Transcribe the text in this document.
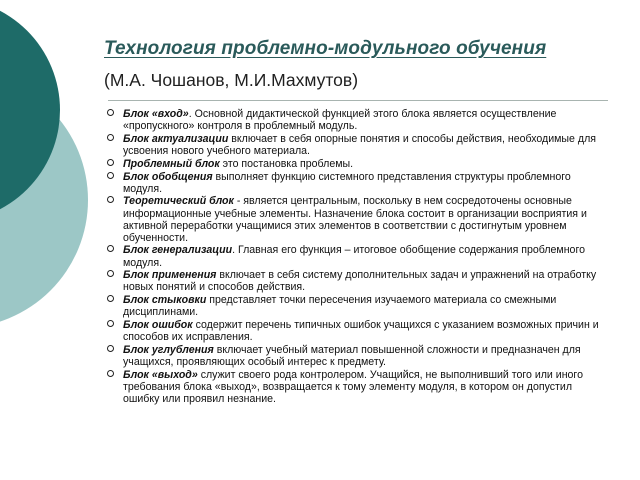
Технология проблемно-модульного обучения
(М.А. Чошанов, М.И.Махмутов)
Блок «вход». Основной дидактической функцией этого блока является осуществление «пропускного» контроля в проблемный модуль.
Блок актуализации включает в себя опорные понятия и способы действия, необходимые для усвоения нового учебного материала.
Проблемный блок это постановка проблемы.
Блок обобщения выполняет функцию системного представления структуры проблемного модуля.
Теоретический блок - является центральным, поскольку в нем сосредоточены основные информационные учебные элементы. Назначение блока состоит в организации восприятия и активной переработки учащимися этих элементов в соответствии с достигнутым уровнем обученности.
Блок генерализации. Главная его функция – итоговое обобщение содержания проблемного модуля.
Блок применения включает в себя систему дополнительных задач и упражнений на отработку новых понятий и способов действия.
Блок стыковки представляет точки пересечения изучаемого материала со смежными дисциплинами.
Блок ошибок содержит перечень типичных ошибок учащихся с указанием возможных причин и способов их исправления.
Блок углубления включает учебный материал повышенной сложности и предназначен для учащихся, проявляющих особый интерес к предмету.
Блок «выход» служит своего рода контролером. Учащийся, не выполнивший того или иного требования блока «выход», возвращается к тому элементу модуля, в котором он допустил ошибку или проявил незнание.
